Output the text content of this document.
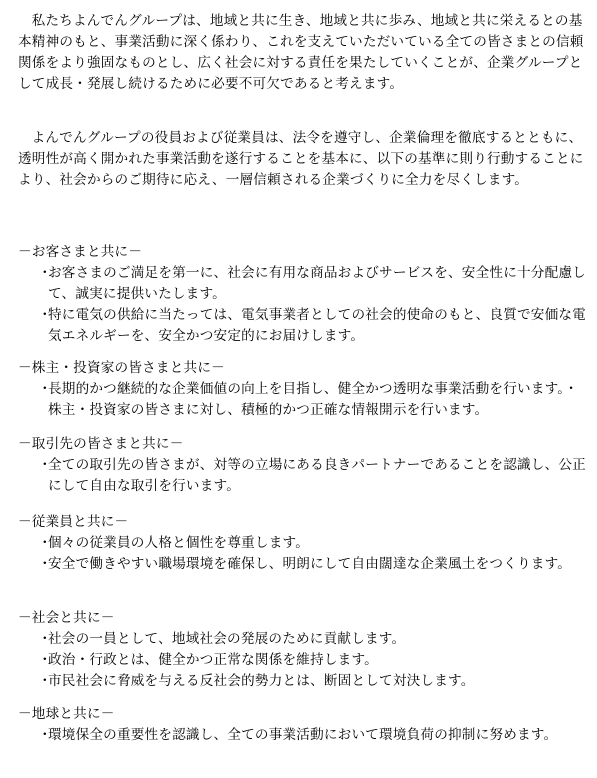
私たちよんでんグループは、地域と共に生き、地域と共に歩み、地域と共に栄えるとの基本精神のもと、事業活動に深く係わり、これを支えていただいている全ての皆さまとの信頼関係をより強固なものとし、広く社会に対する責任を果たしていくことが、企業グループとして成長・発展し続けるために必要不可欠であると考えます。

よんでんグループの役員および従業員は、法令を遵守し、企業倫理を徹底するとともに、透明性が高く開かれた事業活動を遂行することを基本に、以下の基準に則り行動することにより、社会からのご期待に応え、一層信頼される企業づくりに全力を尽くします。

－お客さまと共に－
・
お客さまのご満足を第一に、社会に有用な商品およびサービスを、安全性に十分配慮して、誠実に提供いたします。
・
特に電気の供給に当たっては、電気事業者としての社会的使命のもと、良質で安価な電気エネルギーを、安全かつ安定的にお届けします。
－株主・投資家の皆さまと共に－
・
長期的かつ継続的な企業価値の向上を目指し、健全かつ透明な事業活動を行います。・株主・投資家の皆さまに対し、積極的かつ正確な情報開示を行います。
－取引先の皆さまと共に－
・
全ての取引先の皆さまが、対等の立場にある良きパートナーであることを認識し、公正にして自由な取引を行います。
－従業員と共に－
・
個々の従業員の人格と個性を尊重します。
・
安全で働きやすい職場環境を確保し、明朗にして自由闊達な企業風土をつくります。
－社会と共に－
・
社会の一員として、地域社会の発展のために貢献します。
・
政治・行政とは、健全かつ正常な関係を維持します。
・
市民社会に脅威を与える反社会的勢力とは、断固として対決します。
－地球と共に－
・
環境保全の重要性を認識し、全ての事業活動において環境負荷の抑制に努めます。
